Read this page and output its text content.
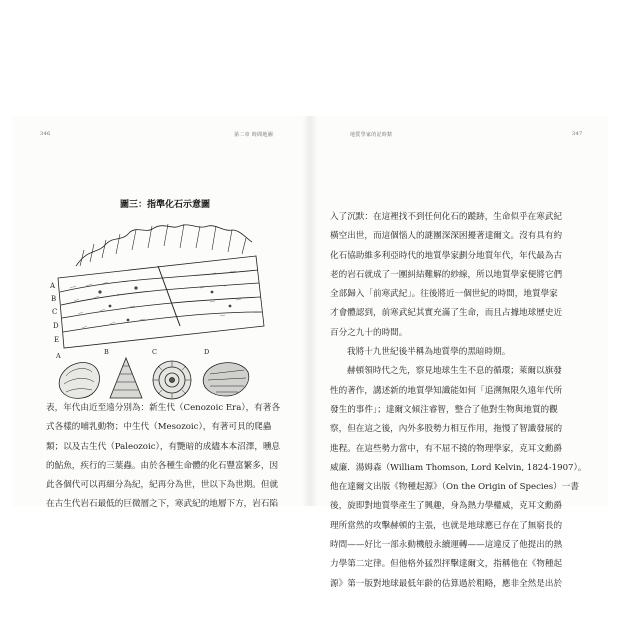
346	第二章 時間地圖
圖三：指準化石示意圖
A
B
C
D
E
A	B	C	D
表，年代由近至遠分別為：新生代（Cenozoic Era），有著各
式各樣的哺乳動物；中生代（Mesozoic），有著可貝的爬蟲
類；以及古生代（Paleozoic），有艷暗的成燼本本沼澤，曛息
的鮎魚，疾行的三葉蟲。由於各種生命體的化石豐富繁多，因
此各個代可以再細分為紀，紀再分為世，世以下為世期。但就
在古生代岩石最低的巨微層之下，寒武紀的地層下方，岩石陷
地質學家的記時錶	347
入了沉默：在這裡找不到任何化石的蹤跡，生命似乎在寒武紀
橫空出世，而這個惱人的謎團深深困擾著達爾文。沒有具有約
化石協助維多利亞時代的地質學家劃分地質年代，年代最為古
老的岩石就成了一團糾結難解的紗線，所以地質學家便將它們
全部歸入「前寒武紀」。往後將近一個世紀的時間，地質學家
才會體認到，前寒武紀其實充滿了生命，而且占據地球歷史近
百分之九十的時間。
我將十九世紀後半稱為地質學的黑暗時期。
赫頓領時代之先，察見地球生生不息的循環；萊爾以旗發
性的著作，講述新的地質學知識能如何「追溯無限久遠年代所
發生的事件」；達爾文傾注睿智，整合了他對生物與地質的觀
察，但在這之後，內外多股勢力相互作用，拖慢了智識發展的
進程。在這些勢力當中，有不屈不撓的物理學家，克耳文勳爵
威廉．湯姆森（William Thomson, Lord Kelvin, 1824-1907）。
他在達爾文出版《物種起源》（On the Origin of Species）一書
後，旋即對地質學產生了興趣，身為熱力學權威，克耳文勳爵
理所當然的攻擊赫頓的主張，也就是地球應已存在了無窮長的
時間——好比一部永動機般永續運轉——這違反了他提出的熱
力學第二定律。但他格外猛烈抨擊達爾文，指稱他在《物種起
源》第一版對地球最低年齡的估算過於粗略，應非全然是出於
